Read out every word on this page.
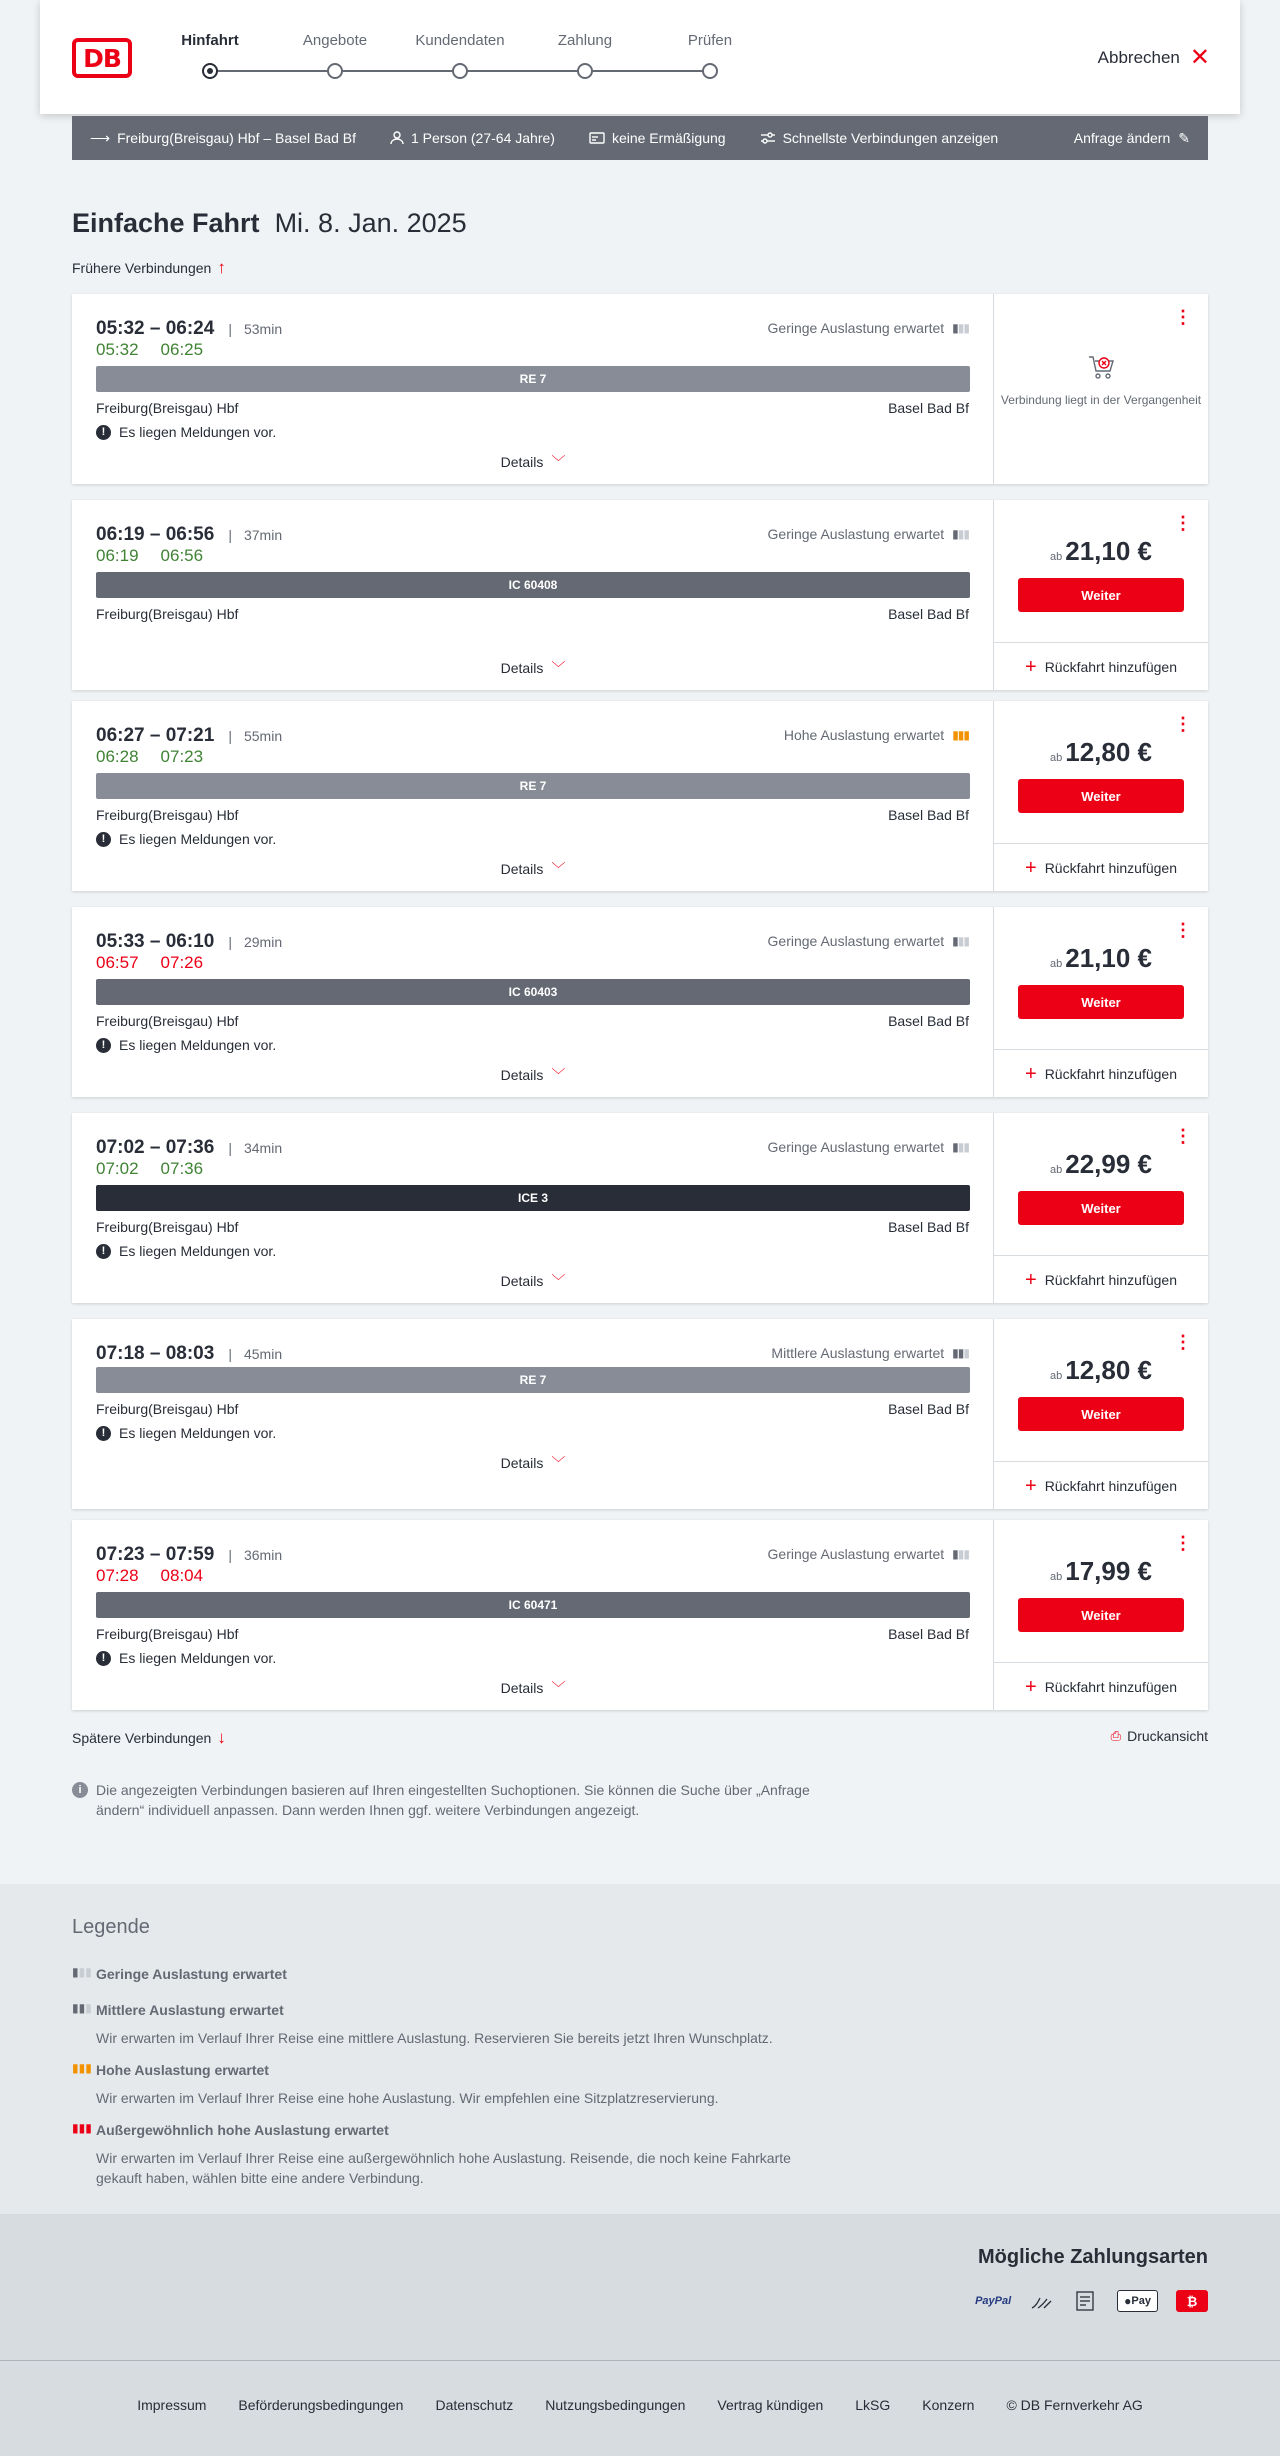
DB
Hinfahrt	Angebote	Kundendaten	Zahlung	Prüfen
Abbrechen ✕
⟶ Freiburg(Breisgau) Hbf – Basel Bad Bf	1 Person (27-64 Jahre)	keine Ermäßigung	Schnellste Verbindungen anzeigen	Anfrage ändern ✎
Einfache Fahrt Mi. 8. Jan. 2025
Frühere Verbindungen ↑
05:32 – 06:24	| 53min
05:32 06:25
Geringe Auslastung erwartet ▮▮▮
RE 7
Freiburg(Breisgau) Hbf	Basel Bad Bf
! Es liegen Meldungen vor.
Details ﹀
⋮
Verbindung liegt in der Vergangenheit
06:19 – 06:56	| 37min
06:19 06:56
Geringe Auslastung erwartet ▮▮▮
IC 60408
Freiburg(Breisgau) Hbf	Basel Bad Bf
Details ﹀
⋮
ab 21,10 €
Weiter
+ Rückfahrt hinzufügen
06:27 – 07:21	| 55min
06:28 07:23
Hohe Auslastung erwartet ▮▮▮
RE 7
Freiburg(Breisgau) Hbf	Basel Bad Bf
! Es liegen Meldungen vor.
Details ﹀
⋮
ab 12,80 €
Weiter
+ Rückfahrt hinzufügen
05:33 – 06:10	| 29min
06:57 07:26
Geringe Auslastung erwartet ▮▮▮
IC 60403
Freiburg(Breisgau) Hbf	Basel Bad Bf
! Es liegen Meldungen vor.
Details ﹀
⋮
ab 21,10 €
Weiter
+ Rückfahrt hinzufügen
07:02 – 07:36	| 34min
07:02 07:36
Geringe Auslastung erwartet ▮▮▮
ICE 3
Freiburg(Breisgau) Hbf	Basel Bad Bf
! Es liegen Meldungen vor.
Details ﹀
⋮
ab 22,99 €
Weiter
+ Rückfahrt hinzufügen
07:18 – 08:03	| 45min	Mittlere Auslastung erwartet ▮▮▮
RE 7
Freiburg(Breisgau) Hbf	Basel Bad Bf
! Es liegen Meldungen vor.
Details ﹀
⋮
ab 12,80 €
Weiter
+ Rückfahrt hinzufügen
07:23 – 07:59	| 36min
07:28 08:04
Geringe Auslastung erwartet ▮▮▮
IC 60471
Freiburg(Breisgau) Hbf	Basel Bad Bf
! Es liegen Meldungen vor.
Details ﹀
⋮
ab 17,99 €
Weiter
+ Rückfahrt hinzufügen
Spätere Verbindungen ↓	⎙ Druckansicht
i	Die angezeigten Verbindungen basieren auf Ihren eingestellten Suchoptionen. Sie können die Suche über „Anfrage ändern“ individuell anpassen. Dann werden Ihnen ggf. weitere Verbindungen angezeigt.
Legende
▮▮▮ Geringe Auslastung erwartet
▮▮▮ Mittlere Auslastung erwartet
Wir erwarten im Verlauf Ihrer Reise eine mittlere Auslastung. Reservieren Sie bereits jetzt Ihren Wunschplatz.
▮▮▮ Hohe Auslastung erwartet
Wir erwarten im Verlauf Ihrer Reise eine hohe Auslastung. Wir empfehlen eine Sitzplatzreservierung.
▮▮▮ Außergewöhnlich hohe Auslastung erwartet
Wir erwarten im Verlauf Ihrer Reise eine außergewöhnlich hohe Auslastung. Reisende, die noch keine Fahrkarte gekauft haben, wählen bitte eine andere Verbindung.
Mögliche Zahlungsarten
PayPal	●︎ Pay	₿
Impressum Beförderungsbedingungen Datenschutz Nutzungsbedingungen Vertrag kündigen LkSG Konzern © DB Fernverkehr AG
